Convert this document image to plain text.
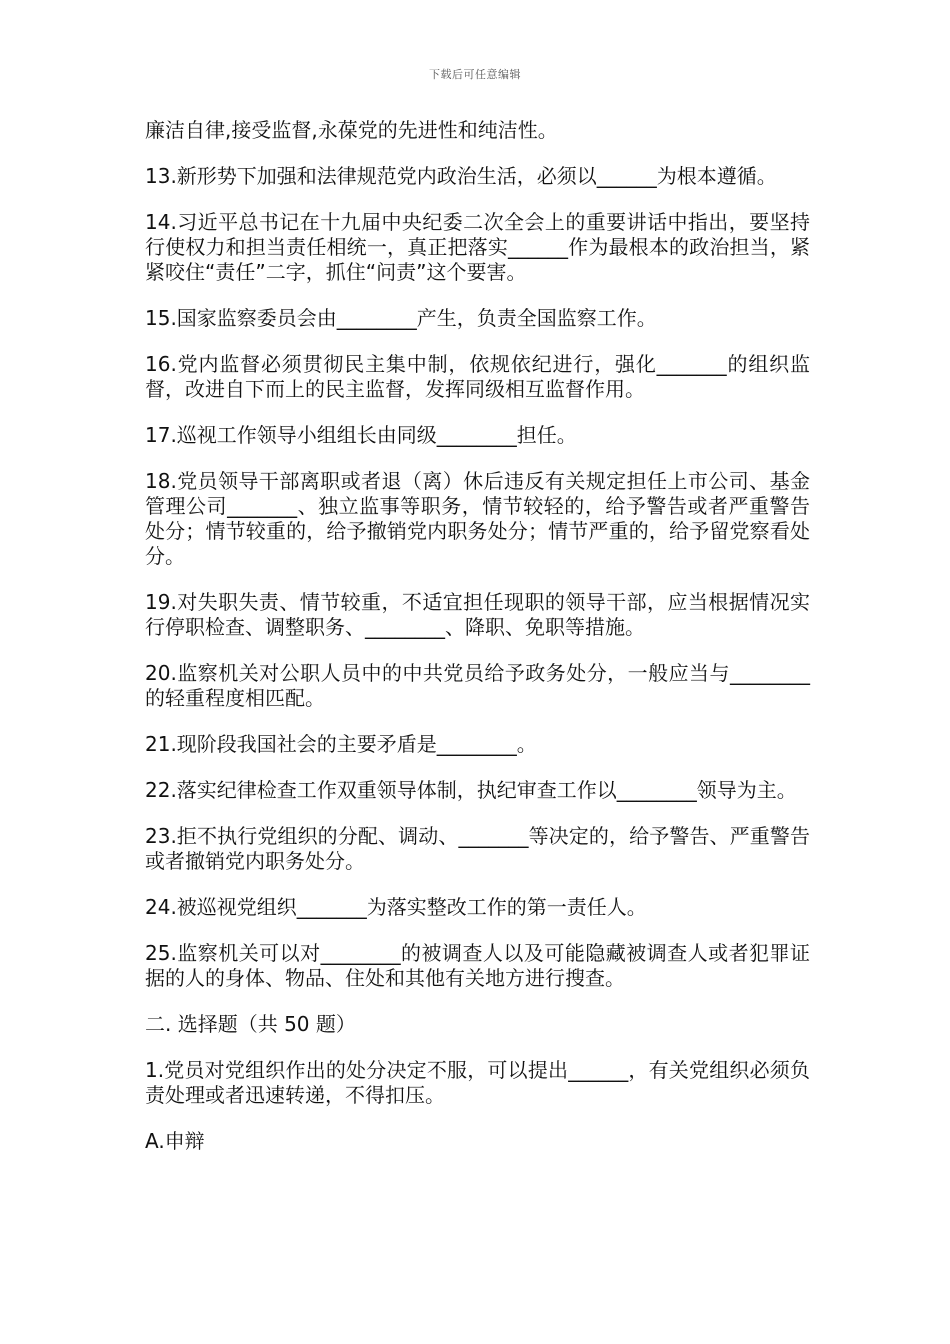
下载后可任意编辑

廉洁自律,接受监督,永葆党的先进性和纯洁性。

13.新形势下加强和法律规范党内政治生活，必须以______为根本遵循。

14.习近平总书记在十九届中央纪委二次全会上的重要讲话中指出，要坚持行使权力和担当责任相统一，真正把落实______作为最根本的政治担当，紧紧咬住“责任”二字，抓住“问责”这个要害。

15.国家监察委员会由________产生，负责全国监察工作。

16.党内监督必须贯彻民主集中制，依规依纪进行，强化_______的组织监督，改进自下而上的民主监督，发挥同级相互监督作用。

17.巡视工作领导小组组长由同级________担任。

18.党员领导干部离职或者退（离）休后违反有关规定担任上市公司、基金管理公司_______、独立监事等职务，情节较轻的，给予警告或者严重警告处分；情节较重的，给予撤销党内职务处分；情节严重的，给予留党察看处分。

19.对失职失责、情节较重，不适宜担任现职的领导干部，应当根据情况实行停职检查、调整职务、________、降职、免职等措施。

20.监察机关对公职人员中的中共党员给予政务处分，一般应当与________的轻重程度相匹配。

21.现阶段我国社会的主要矛盾是________。

22.落实纪律检查工作双重领导体制，执纪审查工作以________领导为主。

23.拒不执行党组织的分配、调动、_______等决定的，给予警告、严重警告或者撤销党内职务处分。

24.被巡视党组织_______为落实整改工作的第一责任人。

25.监察机关可以对________的被调查人以及可能隐藏被调查人或者犯罪证据的人的身体、物品、住处和其他有关地方进行搜查。

二. 选择题（共 50 题）

1.党员对党组织作出的处分决定不服，可以提出______，有关党组织必须负责处理或者迅速转递，不得扣压。

A.申辩
